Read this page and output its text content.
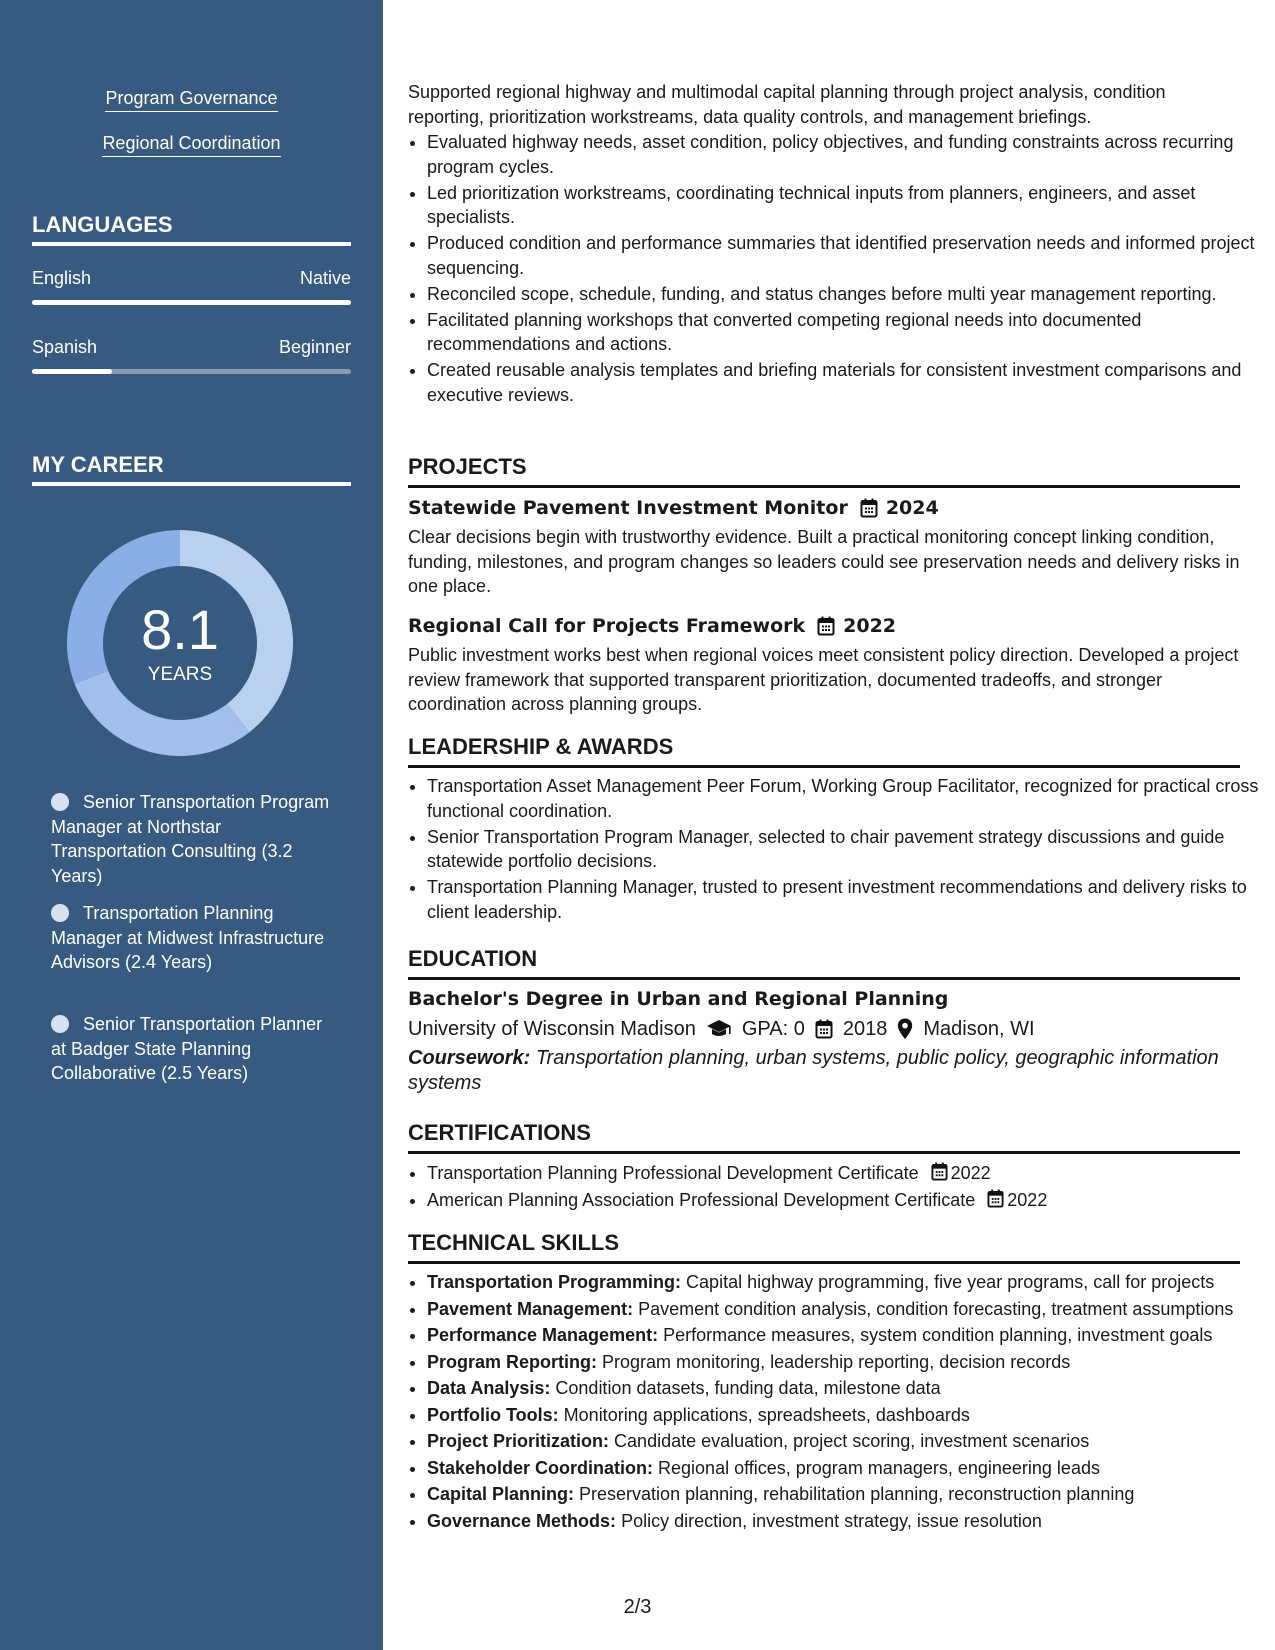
Program Governance
Regional Coordination
LANGUAGES
English	Native
Spanish	Beginner
MY CAREER
8.1
YEARS
Senior Transportation Program Manager at Northstar Transportation Consulting (3.2 Years)
Transportation Planning Manager at Midwest Infrastructure Advisors (2.4 Years)
Senior Transportation Planner at Badger State Planning Collaborative (2.5 Years)
Supported regional highway and multimodal capital planning through project analysis, condition reporting, prioritization workstreams, data quality controls, and management briefings.
• Evaluated highway needs, asset condition, policy objectives, and funding constraints across recurring program cycles.
• Led prioritization workstreams, coordinating technical inputs from planners, engineers, and asset specialists.
• Produced condition and performance summaries that identified preservation needs and informed project sequencing.
• Reconciled scope, schedule, funding, and status changes before multi year management reporting.
• Facilitated planning workshops that converted competing regional needs into documented recommendations and actions.
• Created reusable analysis templates and briefing materials for consistent investment comparisons and executive reviews.
PROJECTS
Statewide Pavement Investment Monitor 2024
Clear decisions begin with trustworthy evidence. Built a practical monitoring concept linking condition, funding, milestones, and program changes so leaders could see preservation needs and delivery risks in one place.
Regional Call for Projects Framework 2022
Public investment works best when regional voices meet consistent policy direction. Developed a project review framework that supported transparent prioritization, documented tradeoffs, and stronger coordination across planning groups.
LEADERSHIP & AWARDS
• Transportation Asset Management Peer Forum, Working Group Facilitator, recognized for practical cross functional coordination.
• Senior Transportation Program Manager, selected to chair pavement strategy discussions and guide statewide portfolio decisions.
• Transportation Planning Manager, trusted to present investment recommendations and delivery risks to client leadership.
EDUCATION
Bachelor's Degree in Urban and Regional Planning
University of Wisconsin Madison GPA: 0 2018 Madison, WI
Coursework: Transportation planning, urban systems, public policy, geographic information systems
CERTIFICATIONS
• Transportation Planning Professional Development Certificate 2022
• American Planning Association Professional Development Certificate 2022
TECHNICAL SKILLS
• Transportation Programming: Capital highway programming, five year programs, call for projects
• Pavement Management: Pavement condition analysis, condition forecasting, treatment assumptions
• Performance Management: Performance measures, system condition planning, investment goals
• Program Reporting: Program monitoring, leadership reporting, decision records
• Data Analysis: Condition datasets, funding data, milestone data
• Portfolio Tools: Monitoring applications, spreadsheets, dashboards
• Project Prioritization: Candidate evaluation, project scoring, investment scenarios
• Stakeholder Coordination: Regional offices, program managers, engineering leads
• Capital Planning: Preservation planning, rehabilitation planning, reconstruction planning
• Governance Methods: Policy direction, investment strategy, issue resolution
2/3
